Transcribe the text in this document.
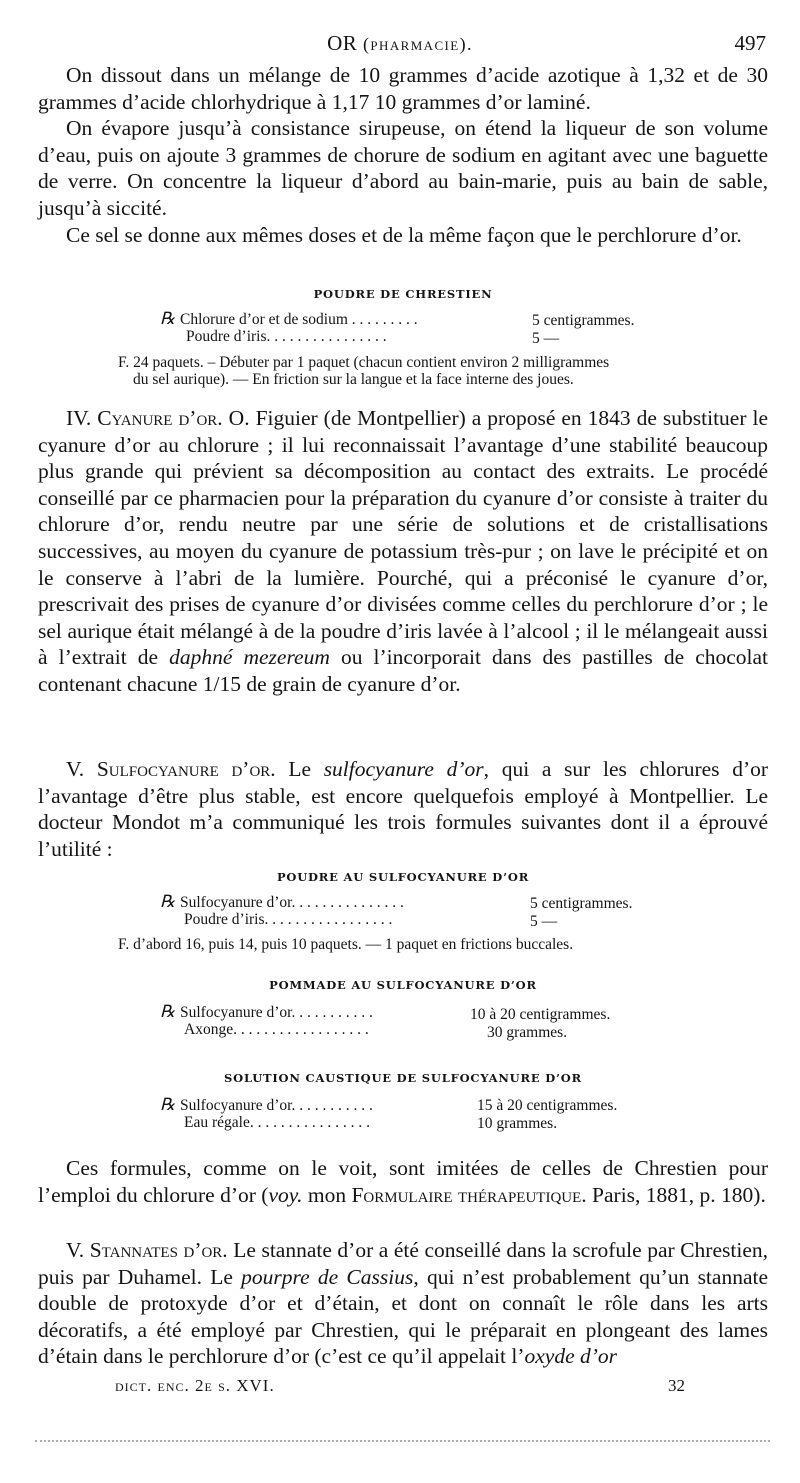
OR (pharmacie).	497

On dissout dans un mélange de 10 grammes d’acide azotique à 1,32 et de 30 grammes d’acide chlorhydrique à 1,17 10 grammes d’or laminé.

On évapore jusqu’à consistance sirupeuse, on étend la liqueur de son volume d’eau, puis on ajoute 3 grammes de chorure de sodium en agitant avec une baguette de verre. On concentre la liqueur d’abord au bain-marie, puis au bain de sable, jusqu’à siccité.

Ce sel se donne aux mêmes doses et de la même façon que le perchlorure d’or.

POUDRE DE CHRESTIEN
℞ Chlorure d’or et de sodium . . . . . . . . .	5 centigrammes.
Poudre d’iris. . . . . . . . . . . . . . . .	5 —
F. 24 paquets. – Débuter par 1 paquet (chacun contient environ 2 milligrammes
du sel aurique). — En friction sur la langue et la face interne des joues.

IV. Cyanure d’or. O. Figuier (de Montpellier) a proposé en 1843 de substituer le cyanure d’or au chlorure ; il lui reconnaissait l’avantage d’une stabilité beaucoup plus grande qui prévient sa décomposition au contact des extraits. Le procédé conseillé par ce pharmacien pour la préparation du cyanure d’or consiste à traiter du chlorure d’or, rendu neutre par une série de solutions et de cristallisations successives, au moyen du cyanure de potassium très-pur ; on lave le précipité et on le conserve à l’abri de la lumière. Pourché, qui a préconisé le cyanure d’or, prescrivait des prises de cyanure d’or divisées comme celles du perchlorure d’or ; le sel aurique était mélangé à de la poudre d’iris lavée à l’alcool ; il le mélangeait aussi à l’extrait de daphné mezereum ou l’incorporait dans des pastilles de chocolat contenant chacune 1/15 de grain de cyanure d’or.

V. Sulfocyanure d’or. Le sulfocyanure d’or, qui a sur les chlorures d’or l’avantage d’être plus stable, est encore quelquefois employé à Montpellier. Le docteur Mondot m’a communiqué les trois formules suivantes dont il a éprouvé l’utilité :

POUDRE AU SULFOCYANURE D’OR
℞ Sulfocyanure d’or. . . . . . . . . . . . . . .	5 centigrammes.
Poudre d’iris. . . . . . . . . . . . . . . . .	5 —
F. d’abord 16, puis 14, puis 10 paquets. — 1 paquet en frictions buccales.
POMMADE AU SULFOCYANURE D’OR
℞ Sulfocyanure d’or. . . . . . . . . . .	10 à 20 centigrammes.
Axonge. . . . . . . . . . . . . . . . . .	30 grammes.
SOLUTION CAUSTIQUE DE SULFOCYANURE D’OR
℞ Sulfocyanure d’or. . . . . . . . . . .	15 à 20 centigrammes.
Eau régale. . . . . . . . . . . . . . . .	10 grammes.

Ces formules, comme on le voit, sont imitées de celles de Chrestien pour l’emploi du chlorure d’or (voy. mon Formulaire thérapeutique. Paris, 1881, p. 180).

V. Stannates d’or. Le stannate d’or a été conseillé dans la scrofule par Chrestien, puis par Duhamel. Le pourpre de Cassius, qui n’est probablement qu’un stannate double de protoxyde d’or et d’étain, et dont on connaît le rôle dans les arts décoratifs, a été employé par Chrestien, qui le préparait en plongeant des lames d’étain dans le perchlorure d’or (c’est ce qu’il appelait l’oxyde d’or

dict. enc. 2e s. XVI.	32
